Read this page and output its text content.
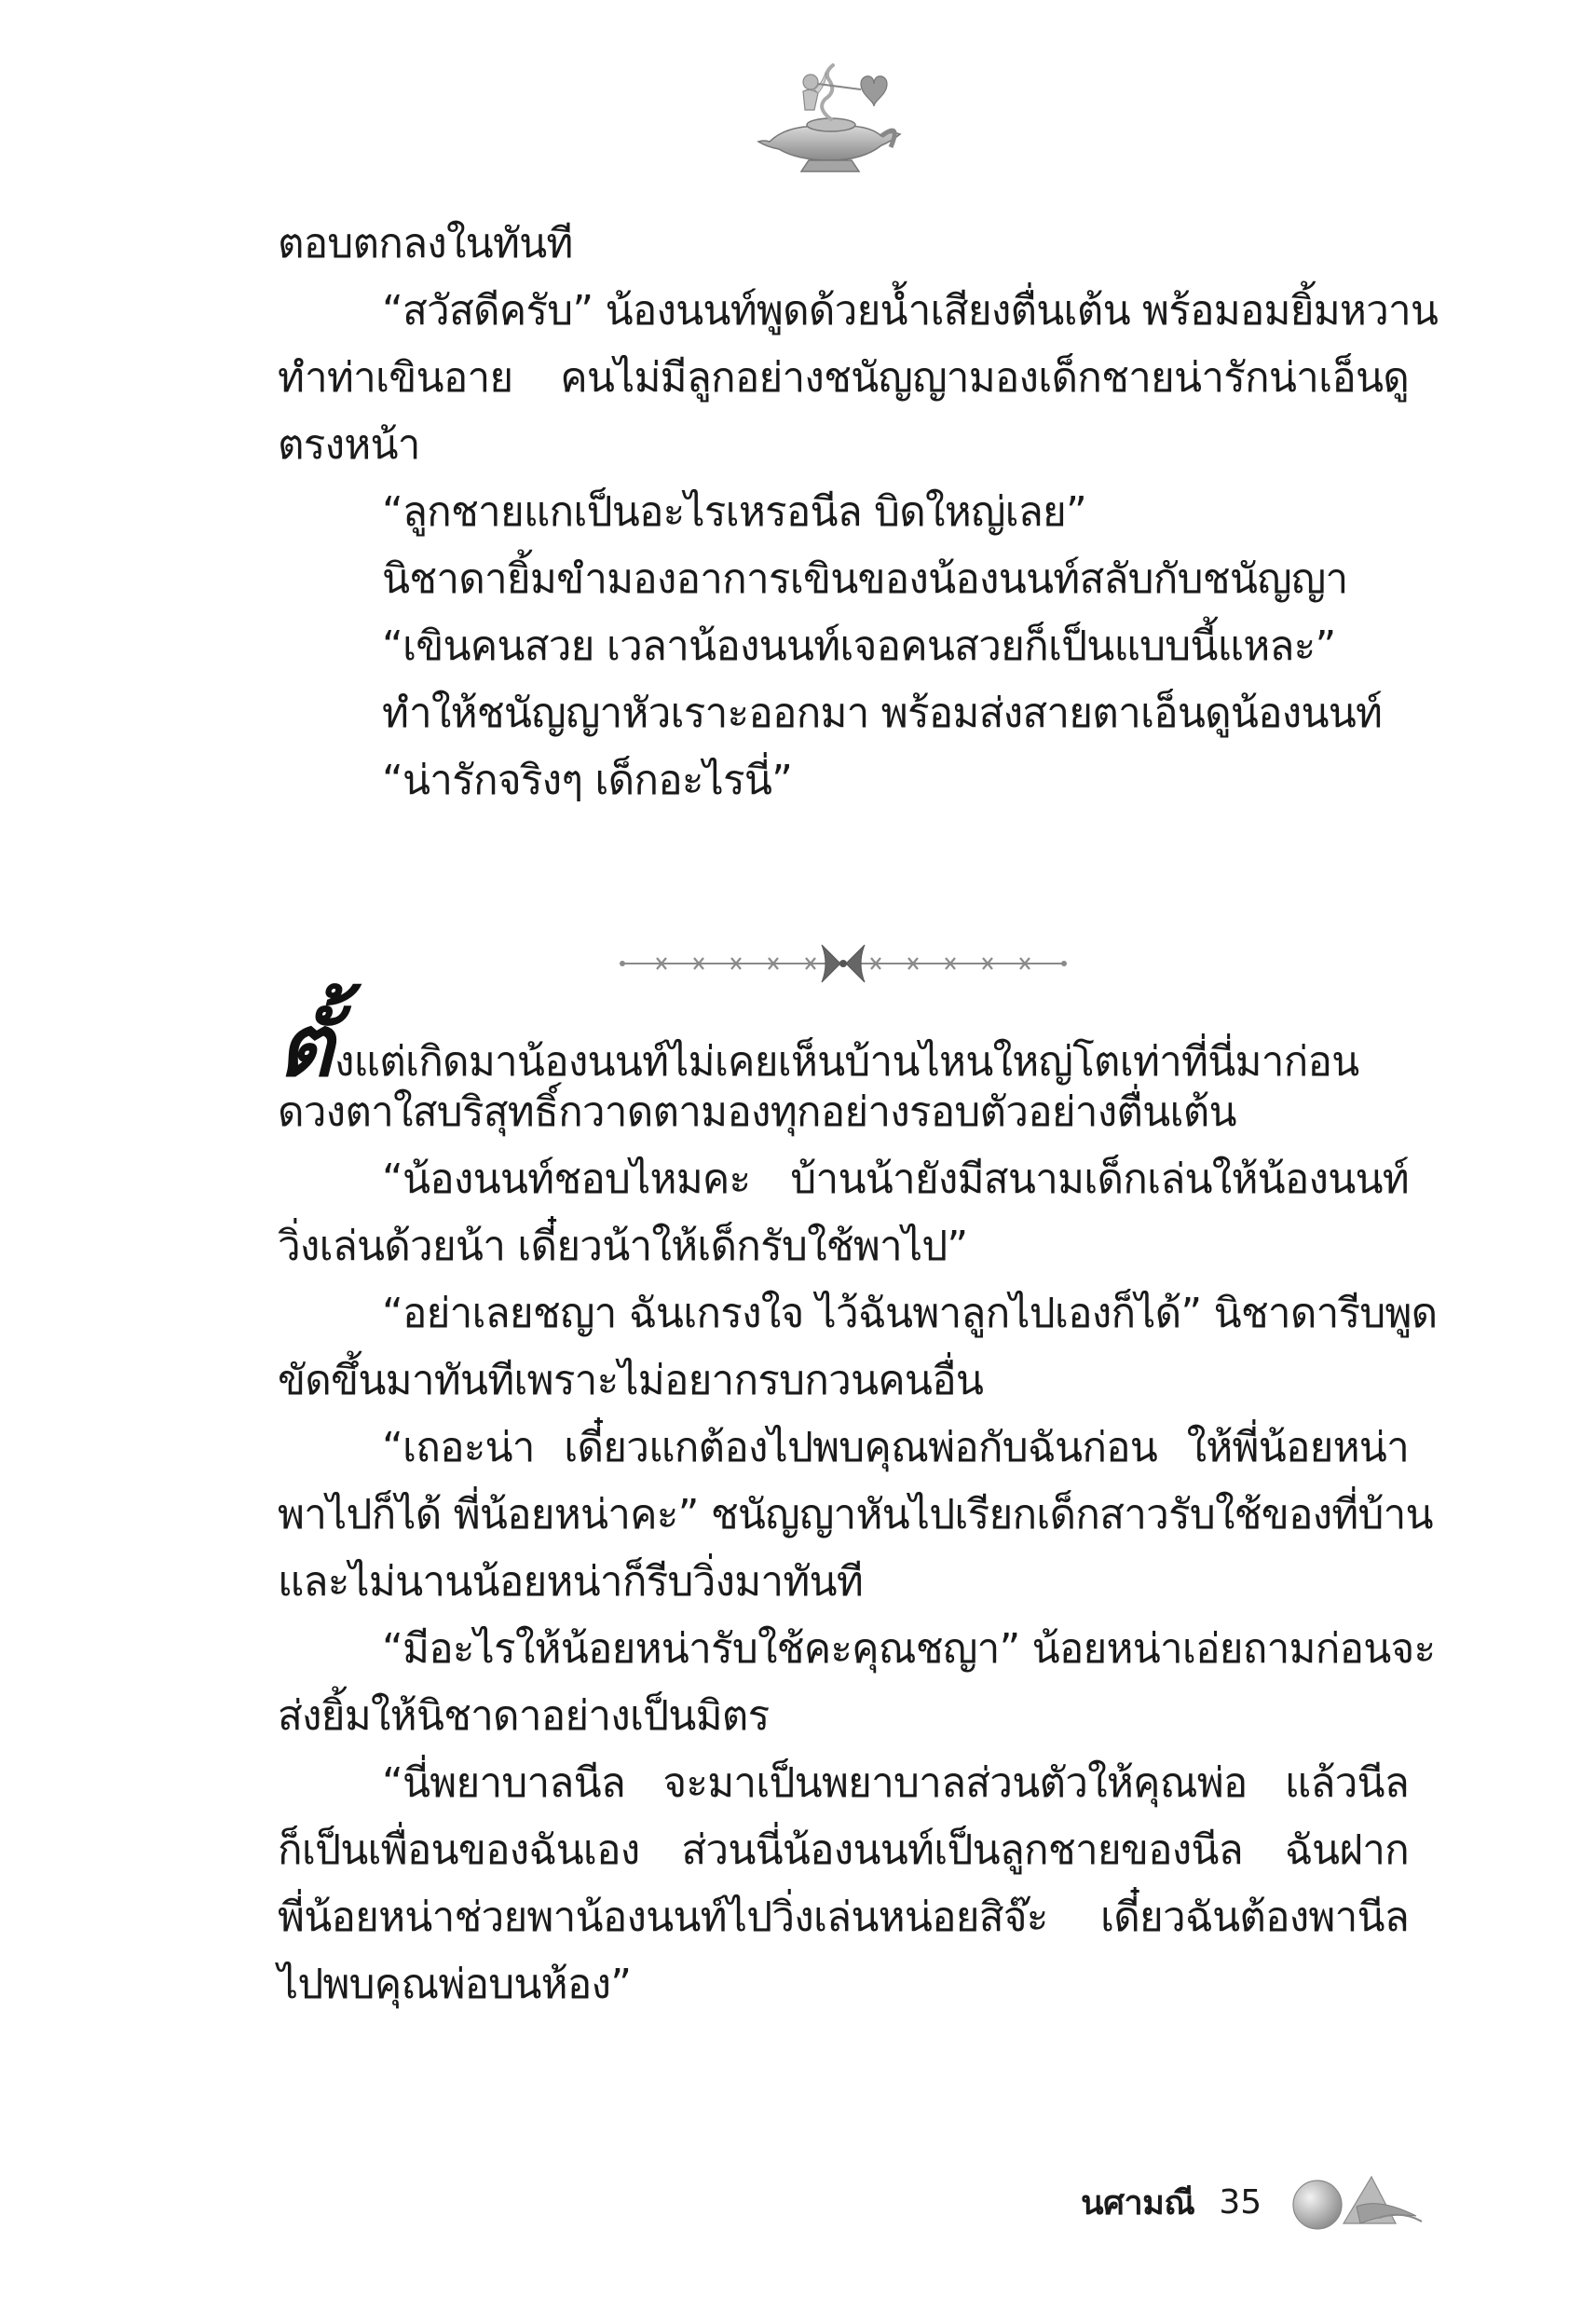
ตอบตกลงในทันที
“สวัสดีครับ” น้องนนท์พูดด้วยน้ำเสียงตื่นเต้น พร้อมอมยิ้มหวาน
ทำท่าเขินอาย คนไม่มีลูกอย่างชนัญญามองเด็กชายน่ารักน่าเอ็นดู
ตรงหน้า
“ลูกชายแกเป็นอะไรเหรอนีล บิดใหญ่เลย”
นิชาดายิ้มขำมองอาการเขินของน้องนนท์สลับกับชนัญญา
“เขินคนสวย เวลาน้องนนท์เจอคนสวยก็เป็นแบบนี้แหละ”
ทำให้ชนัญญาหัวเราะออกมา พร้อมส่งสายตาเอ็นดูน้องนนท์
“น่ารักจริงๆ เด็กอะไรนี่”
ตั้งแต่เกิดมาน้องนนท์ไม่เคยเห็นบ้านไหนใหญ่โตเท่าที่นี่มาก่อน
ดวงตาใสบริสุทธิ์กวาดตามองทุกอย่างรอบตัวอย่างตื่นเต้น
“น้องนนท์ชอบไหมคะ บ้านน้ายังมีสนามเด็กเล่นให้น้องนนท์
วิ่งเล่นด้วยน้า เดี๋ยวน้าให้เด็กรับใช้พาไป”
“อย่าเลยชญา ฉันเกรงใจ ไว้ฉันพาลูกไปเองก็ได้” นิชาดารีบพูด
ขัดขึ้นมาทันทีเพราะไม่อยากรบกวนคนอื่น
“เถอะน่า เดี๋ยวแกต้องไปพบคุณพ่อกับฉันก่อน ให้พี่น้อยหน่า
พาไปก็ได้ พี่น้อยหน่าคะ” ชนัญญาหันไปเรียกเด็กสาวรับใช้ของที่บ้าน
และไม่นานน้อยหน่าก็รีบวิ่งมาทันที
“มีอะไรให้น้อยหน่ารับใช้คะคุณชญา” น้อยหน่าเอ่ยถามก่อนจะ
ส่งยิ้มให้นิชาดาอย่างเป็นมิตร
“นี่พยาบาลนีล จะมาเป็นพยาบาลส่วนตัวให้คุณพ่อ แล้วนีล
ก็เป็นเพื่อนของฉันเอง ส่วนนี่น้องนนท์เป็นลูกชายของนีล ฉันฝาก
พี่น้อยหน่าช่วยพาน้องนนท์ไปวิ่งเล่นหน่อยสิจ๊ะ เดี๋ยวฉันต้องพานีล
ไปพบคุณพ่อบนห้อง”
นศามณี 35
